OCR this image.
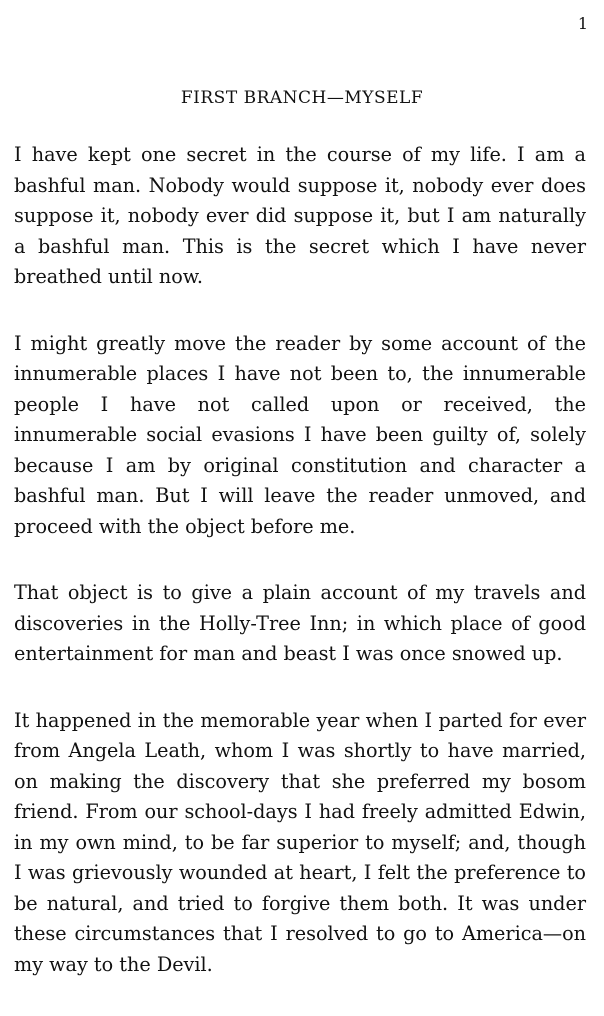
1
FIRST BRANCH—MYSELF

I have kept one secret in the course of my life. I am a bashful man. Nobody would suppose it, nobody ever does suppose it, nobody ever did suppose it, but I am naturally a bashful man. This is the secret which I have never breathed until now.

I might greatly move the reader by some account of the innumerable places I have not been to, the innumerable people I have not called upon or received, the innumerable social evasions I have been guilty of, solely because I am by original constitution and character a bashful man. But I will leave the reader unmoved, and proceed with the object before me.

That object is to give a plain account of my travels and discoveries in the Holly-Tree Inn; in which place of good entertainment for man and beast I was once snowed up.

It happened in the memorable year when I parted for ever from Angela Leath, whom I was shortly to have married, on making the discovery that she preferred my bosom friend. From our school-days I had freely admitted Edwin, in my own mind, to be far superior to myself; and, though I was grievously wounded at heart, I felt the preference to be natural, and tried to forgive them both. It was under these circumstances that I resolved to go to America—on my way to the Devil.
